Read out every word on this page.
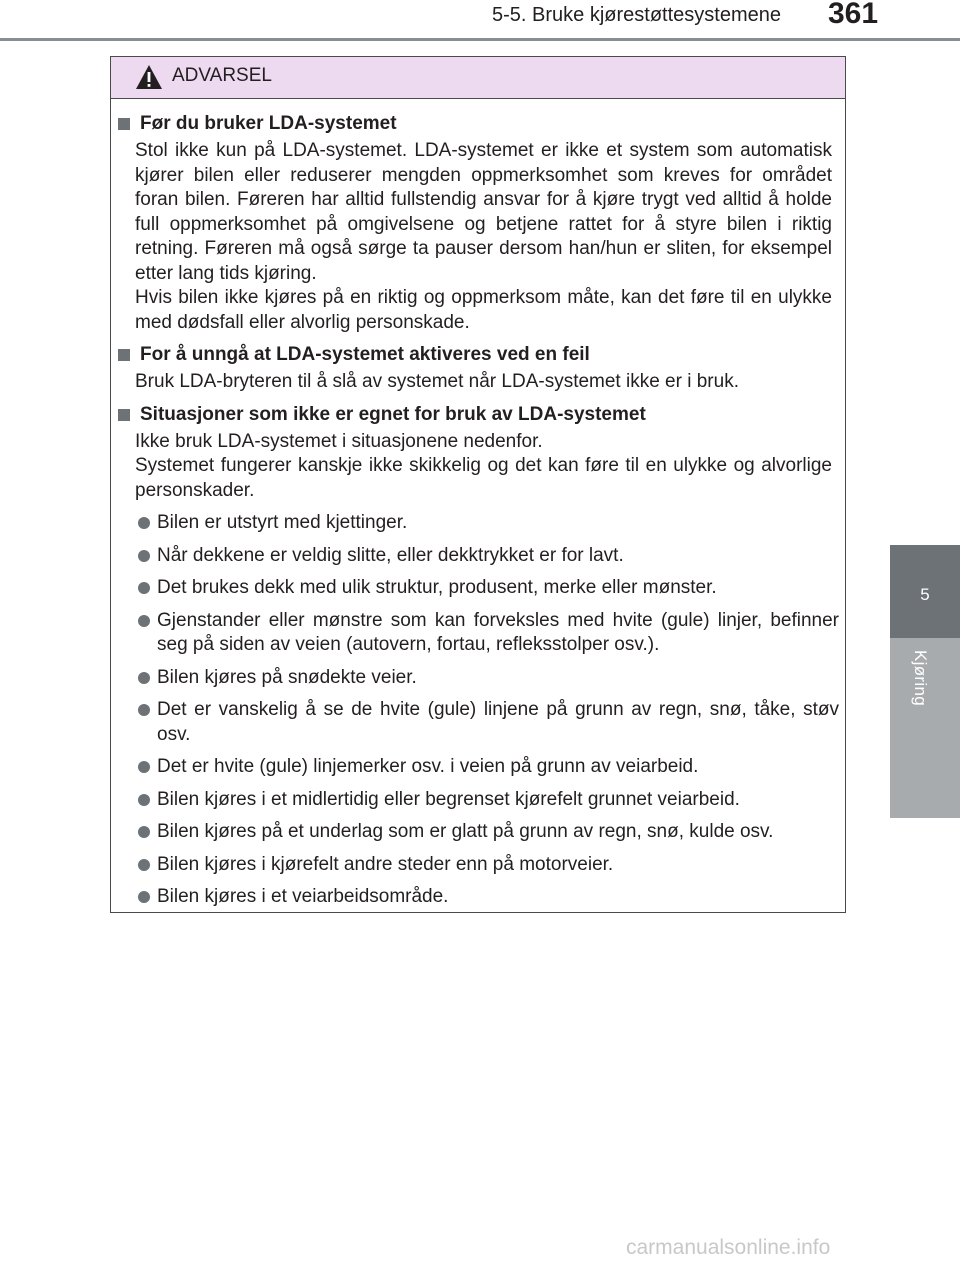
5-5. Bruke kjørestøttesystemene 361
5
Kjøring
ADVARSEL
Før du bruker LDA-systemet
Stol ikke kun på LDA-systemet. LDA-systemet er ikke et system som automatisk kjører bilen eller reduserer mengden oppmerksomhet som kreves for området foran bilen. Føreren har alltid fullstendig ansvar for å kjøre trygt ved alltid å holde full oppmerksomhet på omgivelsene og betjene rattet for å styre bilen i riktig retning. Føreren må også sørge ta pauser dersom han/hun er sliten, for eksempel etter lang tids kjøring.
Hvis bilen ikke kjøres på en riktig og oppmerksom måte, kan det føre til en ulykke med dødsfall eller alvorlig personskade.
For å unngå at LDA-systemet aktiveres ved en feil
Bruk LDA-bryteren til å slå av systemet når LDA-systemet ikke er i bruk.
Situasjoner som ikke er egnet for bruk av LDA-systemet
Ikke bruk LDA-systemet i situasjonene nedenfor.
Systemet fungerer kanskje ikke skikkelig og det kan føre til en ulykke og alvorlige personskader.
Bilen er utstyrt med kjettinger.
Når dekkene er veldig slitte, eller dekktrykket er for lavt.
Det brukes dekk med ulik struktur, produsent, merke eller mønster.
Gjenstander eller mønstre som kan forveksles med hvite (gule) linjer, befinner seg på siden av veien (autovern, fortau, refleksstolper osv.).
Bilen kjøres på snødekte veier.
Det er vanskelig å se de hvite (gule) linjene på grunn av regn, snø, tåke, støv osv.
Det er hvite (gule) linjemerker osv. i veien på grunn av veiarbeid.
Bilen kjøres i et midlertidig eller begrenset kjørefelt grunnet veiarbeid.
Bilen kjøres på et underlag som er glatt på grunn av regn, snø, kulde osv.
Bilen kjøres i kjørefelt andre steder enn på motorveier.
Bilen kjøres i et veiarbeidsområde.
carmanualsonline.info
